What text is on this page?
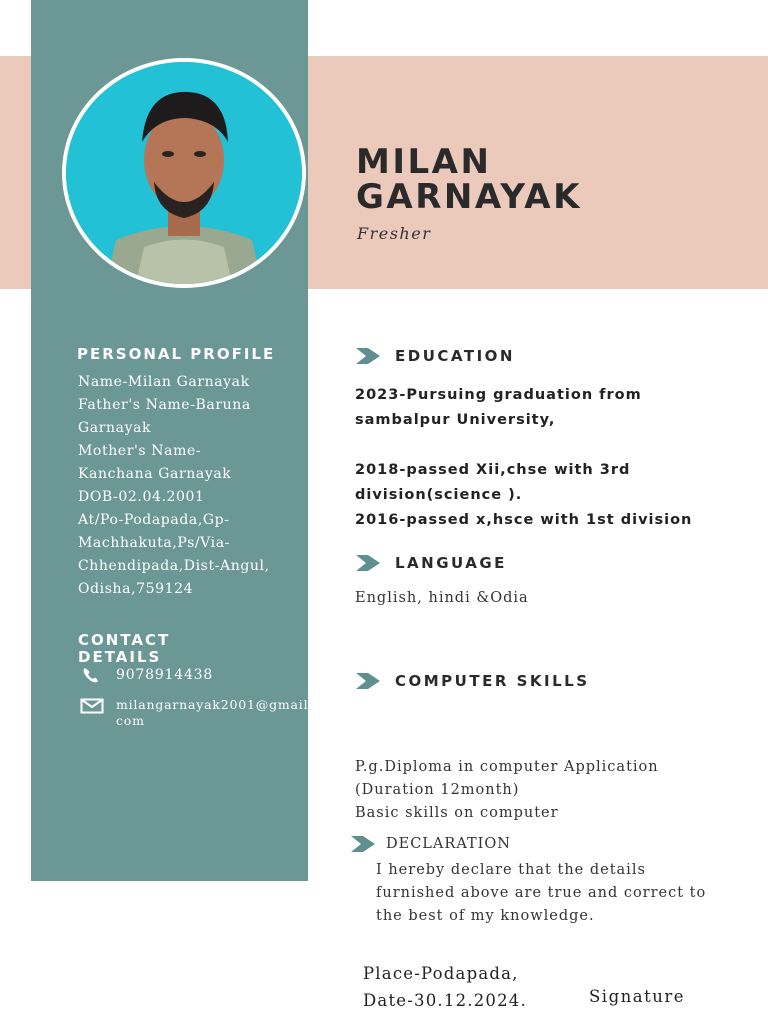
MILAN
GARNAYAK
Fresher
PERSONAL PROFILE
Name-Milan Garnayak
Father's Name-Baruna
Garnayak
Mother's Name-
Kanchana Garnayak
DOB-02.04.2001
At/Po-Podapada,Gp-
Machhakuta,Ps/Via-
Chhendipada,Dist-Angul,
Odisha,759124
CONTACT
DETAILS
9078914438
milangarnayak2001@gmail.
com
EDUCATION
2023-Pursuing graduation from
sambalpur University,

2018-passed Xii,chse with 3rd
division(science ).
2016-passed x,hsce with 1st division
LANGUAGE
English, hindi &Odia
COMPUTER SKILLS
P.g.Diploma in computer Application
(Duration 12month)
Basic skills on computer
DECLARATION
I hereby declare that the details
furnished above are true and correct to
the best of my knowledge.
Place-Podapada,
Date-30.12.2024.	Signature
